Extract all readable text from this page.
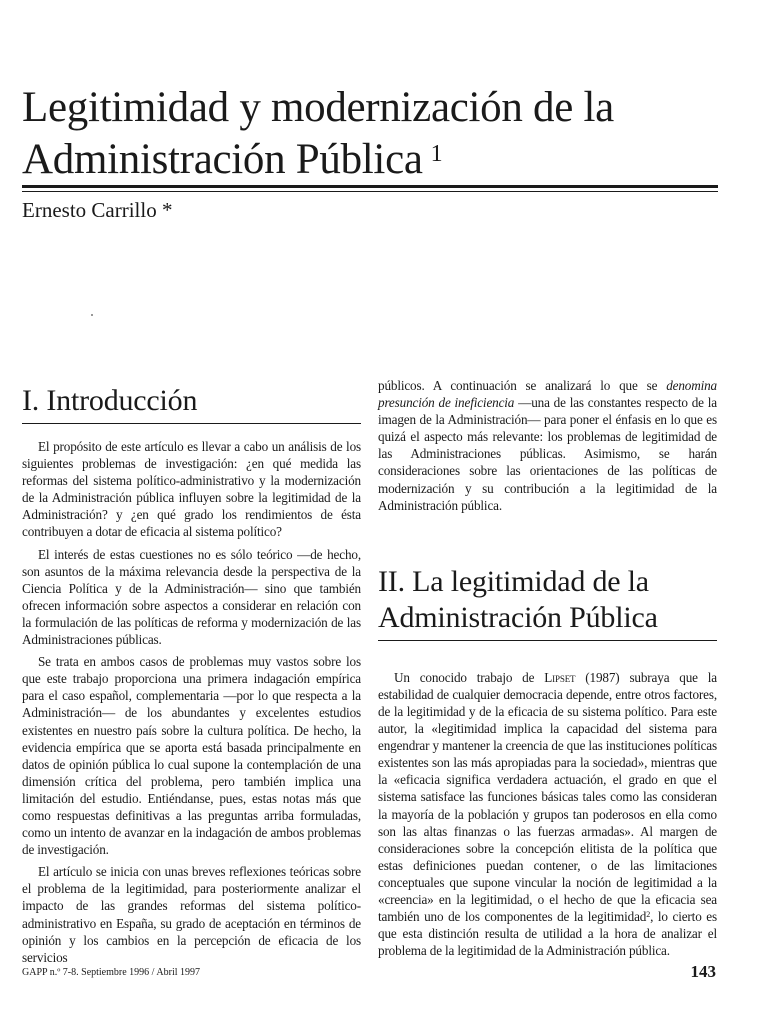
Legitimidad y modernización de la
Administración Pública $^1$
Ernesto Carrillo *
I. Introducción

El propósito de este artículo es llevar a cabo un análisis de los siguientes problemas de investigación: ¿en qué medida las reformas del sistema político-administrativo y la modernización de la Administración pública influyen sobre la legitimidad de la Administración? y ¿en qué grado los rendimientos de ésta contribuyen a dotar de eficacia al sistema político?

El interés de estas cuestiones no es sólo teórico —de hecho, son asuntos de la máxima relevancia desde la perspectiva de la Ciencia Política y de la Administración— sino que también ofrecen información sobre aspectos a considerar en relación con la formulación de las políticas de reforma y modernización de las Administraciones públicas.

Se trata en ambos casos de problemas muy vastos sobre los que este trabajo proporciona una primera indagación empírica para el caso español, complementaria —por lo que respecta a la Administración— de los abundantes y excelentes estudios existentes en nuestro país sobre la cultura política. De hecho, la evidencia empírica que se aporta está basada principalmente en datos de opinión pública lo cual supone la contemplación de una dimensión crítica del problema, pero también implica una limitación del estudio. Entiéndanse, pues, estas notas más que como respuestas definitivas a las preguntas arriba formuladas, como un intento de avanzar en la indagación de ambos problemas de investigación.

El artículo se inicia con unas breves reflexiones teóricas sobre el problema de la legitimidad, para posteriormente analizar el impacto de las grandes reformas del sistema político-administrativo en España, su grado de aceptación en términos de opinión y los cambios en la percepción de eficacia de los servicios

públicos. A continuación se analizará lo que se denomina presunción de ineficiencia —una de las constantes respecto de la imagen de la Administración— para poner el énfasis en lo que es quizá el aspecto más relevante: los problemas de legitimidad de las Administraciones públicas. Asimismo, se harán consideraciones sobre las orientaciones de las políticas de modernización y su contribución a la legitimidad de la Administración pública.

II. La legitimidad de la
Administración Pública

Un conocido trabajo de Lipset (1987) subraya que la estabilidad de cualquier democracia depende, entre otros factores, de la legitimidad y de la eficacia de su sistema político. Para este autor, la «legitimidad implica la capacidad del sistema para engendrar y mantener la creencia de que las instituciones políticas existentes son las más apropiadas para la sociedad», mientras que la «eficacia significa verdadera actuación, el grado en que el sistema satisface las funciones básicas tales como las consideran la mayoría de la población y grupos tan poderosos en ella como son las altas finanzas o las fuerzas armadas». Al margen de consideraciones sobre la concepción elitista de la política que estas definiciones puedan contener, o de las limitaciones conceptuales que supone vincular la noción de legitimidad a la «creencia» en la legitimidad, o el hecho de que la eficacia sea también uno de los componentes de la legitimidad$^2$, lo cierto es que esta distinción resulta de utilidad a la hora de analizar el problema de la legitimidad de la Administración pública.

GAPP n.º 7-8. Septiembre 1996 / Abril 1997	143
